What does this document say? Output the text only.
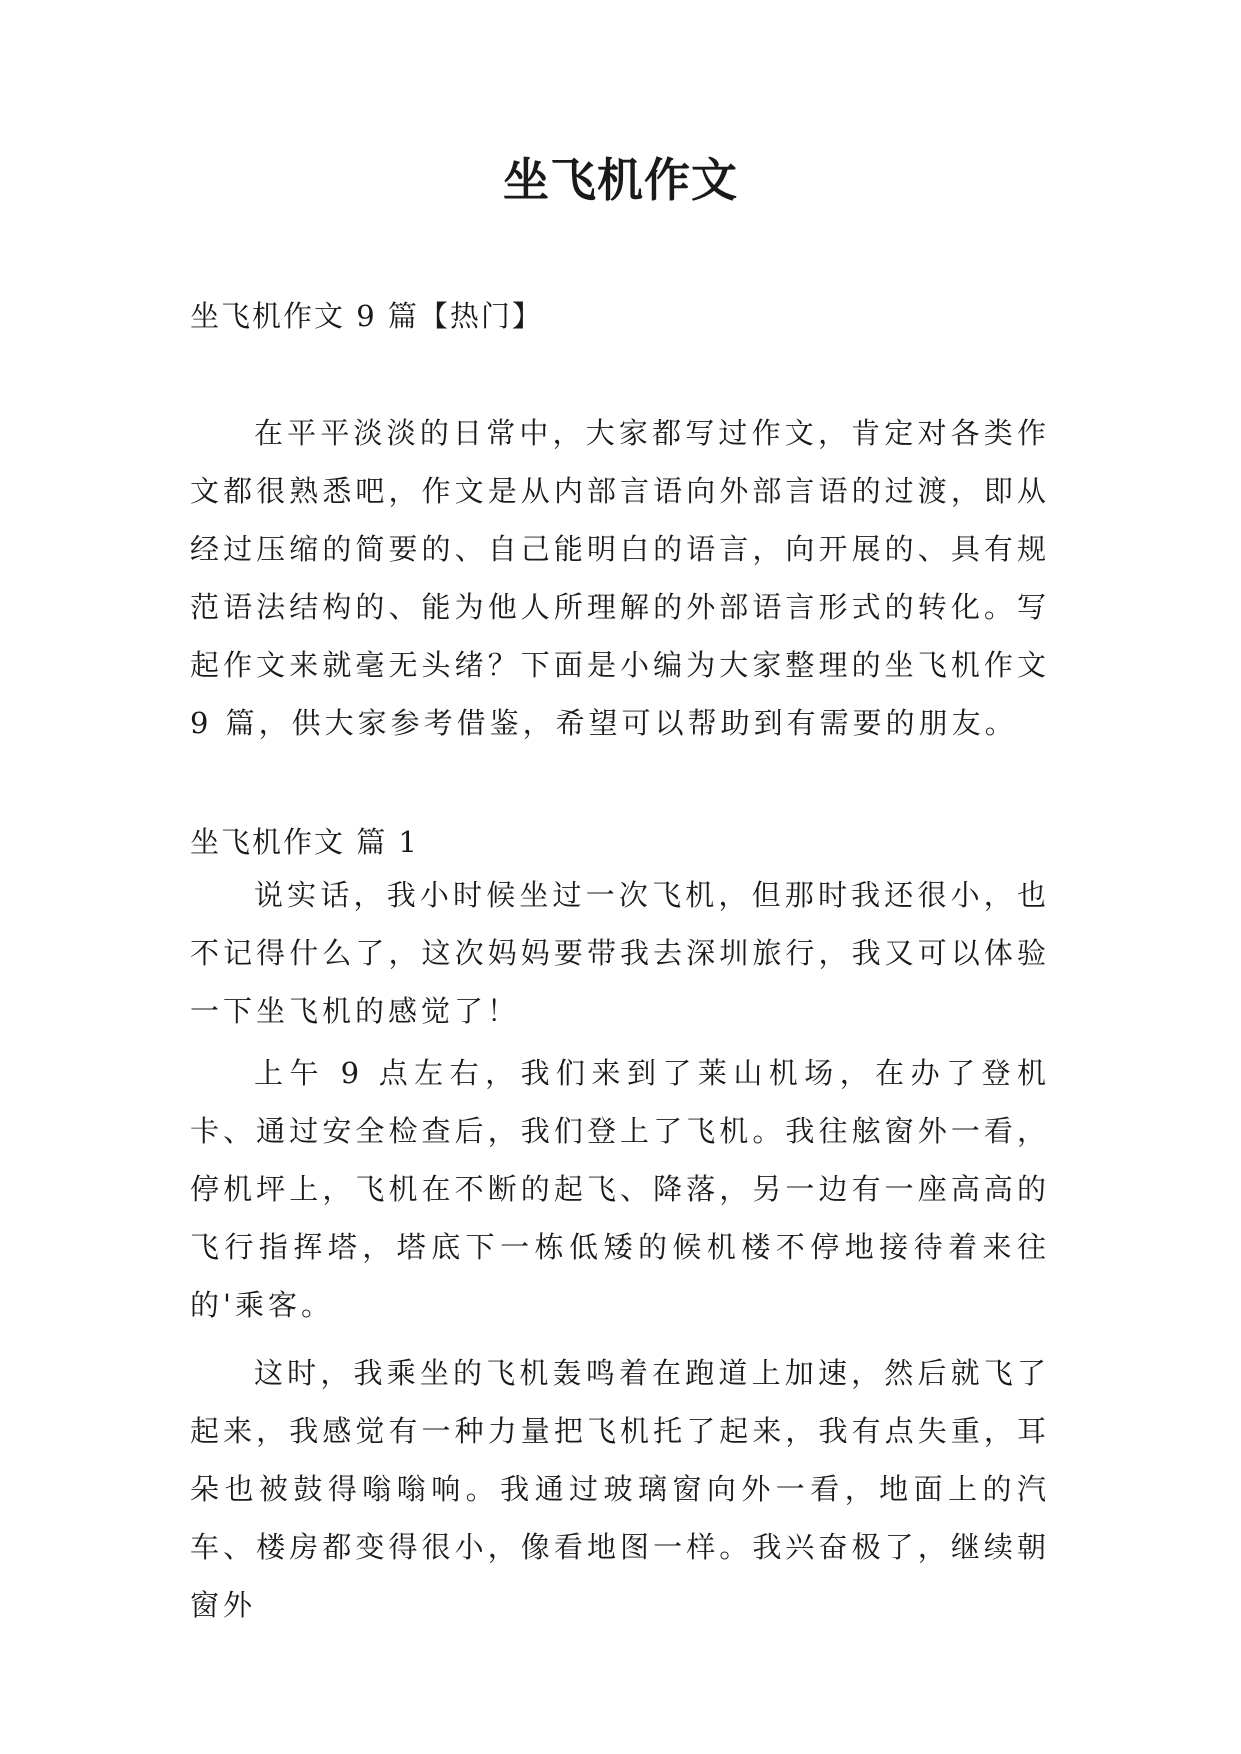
坐飞机作文
坐飞机作文 9 篇【热门】

在平平淡淡的日常中，大家都写过作文，肯定对各类作文都很熟悉吧，作文是从内部言语向外部言语的过渡，即从经过压缩的简要的、自己能明白的语言，向开展的、具有规范语法结构的、能为他人所理解的外部语言形式的转化。写起作文来就毫无头绪？下面是小编为大家整理的坐飞机作文 9 篇，供大家参考借鉴，希望可以帮助到有需要的朋友。

坐飞机作文 篇 1

说实话，我小时候坐过一次飞机，但那时我还很小，也不记得什么了，这次妈妈要带我去深圳旅行，我又可以体验一下坐飞机的感觉了！

上午 9 点左右，我们来到了莱山机场，在办了登机卡、通过安全检查后，我们登上了飞机。我往舷窗外一看，停机坪上，飞机在不断的起飞、降落，另一边有一座高高的飞行指挥塔，塔底下一栋低矮的候机楼不停地接待着来往的'乘客。

这时，我乘坐的飞机轰鸣着在跑道上加速，然后就飞了起来，我感觉有一种力量把飞机托了起来，我有点失重，耳朵也被鼓得嗡嗡响。我通过玻璃窗向外一看，地面上的汽车、楼房都变得很小，像看地图一样。我兴奋极了，继续朝窗外
